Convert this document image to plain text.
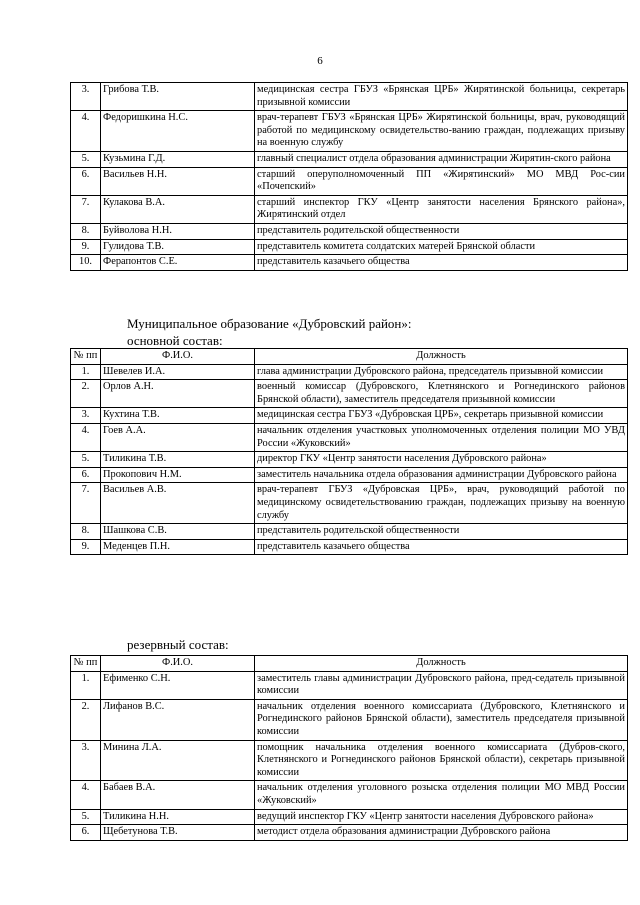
6
3.	Грибова Т.В.	медицинская сестра ГБУЗ «Брянская ЦРБ» Жирятинской больницы, секретарь призывной комиссии
4.	Федоришкина Н.С.	врач-терапевт ГБУЗ «Брянская ЦРБ» Жирятинской больницы, врач, руководящий работой по медицинскому освидетельство-ванию граждан, подлежащих призыву на военную службу
5.	Кузьмина Г.Д.	главный специалист отдела образования администрации Жирятин-ского района
6.	Васильев Н.Н.	старший оперуполномоченный ПП «Жирятинский» МО МВД Рос-сии «Почепский»
7.	Кулакова В.А.	старший инспектор ГКУ «Центр занятости населения Брянского района», Жирятинский отдел
8.	Буйволова Н.Н.	представитель родительской общественности
9.	Гулидова Т.В.	представитель комитета солдатских матерей Брянской области
10.	Ферапонтов С.Е.	представитель казачьего общества
Муниципальное образование «Дубровский район»:
основной состав:
№ пп	Ф.И.О.	Должность
1.	Шевелев И.А.	глава администрации Дубровского района, председатель призывной комиссии
2.	Орлов А.Н.	военный комиссар (Дубровского, Клетнянского и Рогнединского районов Брянской области), заместитель председателя призывной комиссии
3.	Кухтина Т.В.	медицинская сестра ГБУЗ «Дубровская ЦРБ», секретарь призывной комиссии
4.	Гоев А.А.	начальник отделения участковых уполномоченных отделения полиции МО УВД России «Жуковский»
5.	Тиликина Т.В.	директор ГКУ «Центр занятости населения Дубровского района»
6.	Прокопович Н.М.	заместитель начальника отдела образования администрации Дубровского района
7.	Васильев А.В.	врач-терапевт ГБУЗ «Дубровская ЦРБ», врач, руководящий работой по медицинскому освидетельствованию граждан, подлежащих призыву на военную службу
8.	Шашкова С.В.	представитель родительской общественности
9.	Меденцев П.Н.	представитель казачьего общества
резервный состав:
№ пп	Ф.И.О.	Должность
1.	Ефименко С.Н.	заместитель главы администрации Дубровского района, пред-седатель призывной комиссии
2.	Лифанов В.С.	начальник отделения военного комиссариата (Дубровского, Клетнянского и Рогнединского районов Брянской области), заместитель председателя призывной комиссии
3.	Минина Л.А.	помощник начальника отделения военного комиссариата (Дубров-ского, Клетнянского и Рогнединского районов Брянской области), секретарь призывной комиссии
4.	Бабаев В.А.	начальник отделения уголовного розыска отделения полиции МО МВД России «Жуковский»
5.	Тиликина Н.Н.	ведущий инспектор ГКУ «Центр занятости населения Дубровского района»
6.	Щебетунова Т.В.	методист отдела образования администрации Дубровского района
